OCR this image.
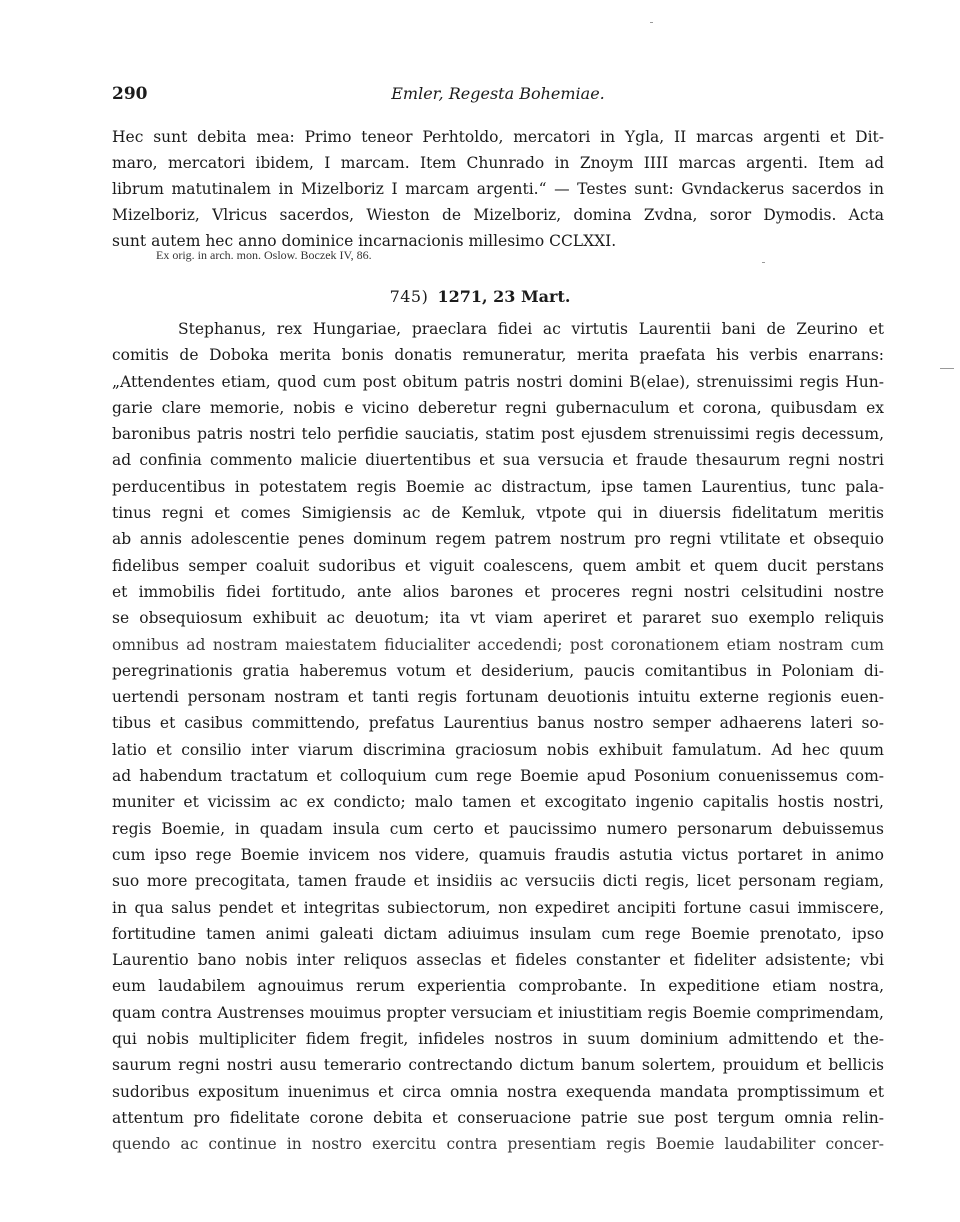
290	Emler, Regesta Bohemiae.
Hec sunt debita mea: Primo teneor Perhtoldo, mercatori in Ygla, II marcas argenti et Dit-
maro, mercatori ibidem, I marcam. Item Chunrado in Znoym IIII marcas argenti. Item ad
librum matutinalem in Mizelboriz I marcam argenti.“ — Testes sunt: Gvndackerus sacerdos in
Mizelboriz, Vlricus sacerdos, Wieston de Mizelboriz, domina Zvdna, soror Dymodis. Acta
sunt autem hec anno dominice incarnacionis millesimo CCLXXI.
Ex orig. in arch. mon. Oslow. Boczek IV, 86.
745) 1271, 23 Mart.
Stephanus, rex Hungariae, praeclara fidei ac virtutis Laurentii bani de Zeurino et
comitis de Doboka merita bonis donatis remuneratur, merita praefata his verbis enarrans:
„Attendentes etiam, quod cum post obitum patris nostri domini B(elae), strenuissimi regis Hun-
garie clare memorie, nobis e vicino deberetur regni gubernaculum et corona, quibusdam ex
baronibus patris nostri telo perfidie sauciatis, statim post ejusdem strenuissimi regis decessum,
ad confinia commento malicie diuertentibus et sua versucia et fraude thesaurum regni nostri
perducentibus in potestatem regis Boemie ac distractum, ipse tamen Laurentius, tunc pala-
tinus regni et comes Simigiensis ac de Kemluk, vtpote qui in diuersis fidelitatum meritis
ab annis adolescentie penes dominum regem patrem nostrum pro regni vtilitate et obsequio
fidelibus semper coaluit sudoribus et viguit coalescens, quem ambit et quem ducit perstans
et immobilis fidei fortitudo, ante alios barones et proceres regni nostri celsitudini nostre
se obsequiosum exhibuit ac deuotum; ita vt viam aperiret et pararet suo exemplo reliquis
omnibus ad nostram maiestatem fiducialiter accedendi; post coronationem etiam nostram cum
peregrinationis gratia haberemus votum et desiderium, paucis comitantibus in Poloniam di-
uertendi personam nostram et tanti regis fortunam deuotionis intuitu externe regionis euen-
tibus et casibus committendo, prefatus Laurentius banus nostro semper adhaerens lateri so-
latio et consilio inter viarum discrimina graciosum nobis exhibuit famulatum. Ad hec quum
ad habendum tractatum et colloquium cum rege Boemie apud Posonium conuenissemus com-
muniter et vicissim ac ex condicto; malo tamen et excogitato ingenio capitalis hostis nostri,
regis Boemie, in quadam insula cum certo et paucissimo numero personarum debuissemus
cum ipso rege Boemie invicem nos videre, quamuis fraudis astutia victus portaret in animo
suo more precogitata, tamen fraude et insidiis ac versuciis dicti regis, licet personam regiam,
in qua salus pendet et integritas subiectorum, non expediret ancipiti fortune casui immiscere,
fortitudine tamen animi galeati dictam adiuimus insulam cum rege Boemie prenotato, ipso
Laurentio bano nobis inter reliquos asseclas et fideles constanter et fideliter adsistente; vbi
eum laudabilem agnouimus rerum experientia comprobante. In expeditione etiam nostra,
quam contra Austrenses mouimus propter versuciam et iniustitiam regis Boemie comprimendam,
qui nobis multipliciter fidem fregit, infideles nostros in suum dominium admittendo et the-
saurum regni nostri ausu temerario contrectando dictum banum solertem, prouidum et bellicis
sudoribus expositum inuenimus et circa omnia nostra exequenda mandata promptissimum et
attentum pro fidelitate corone debita et conseruacione patrie sue post tergum omnia relin-
quendo ac continue in nostro exercitu contra presentiam regis Boemie laudabiliter concer-
